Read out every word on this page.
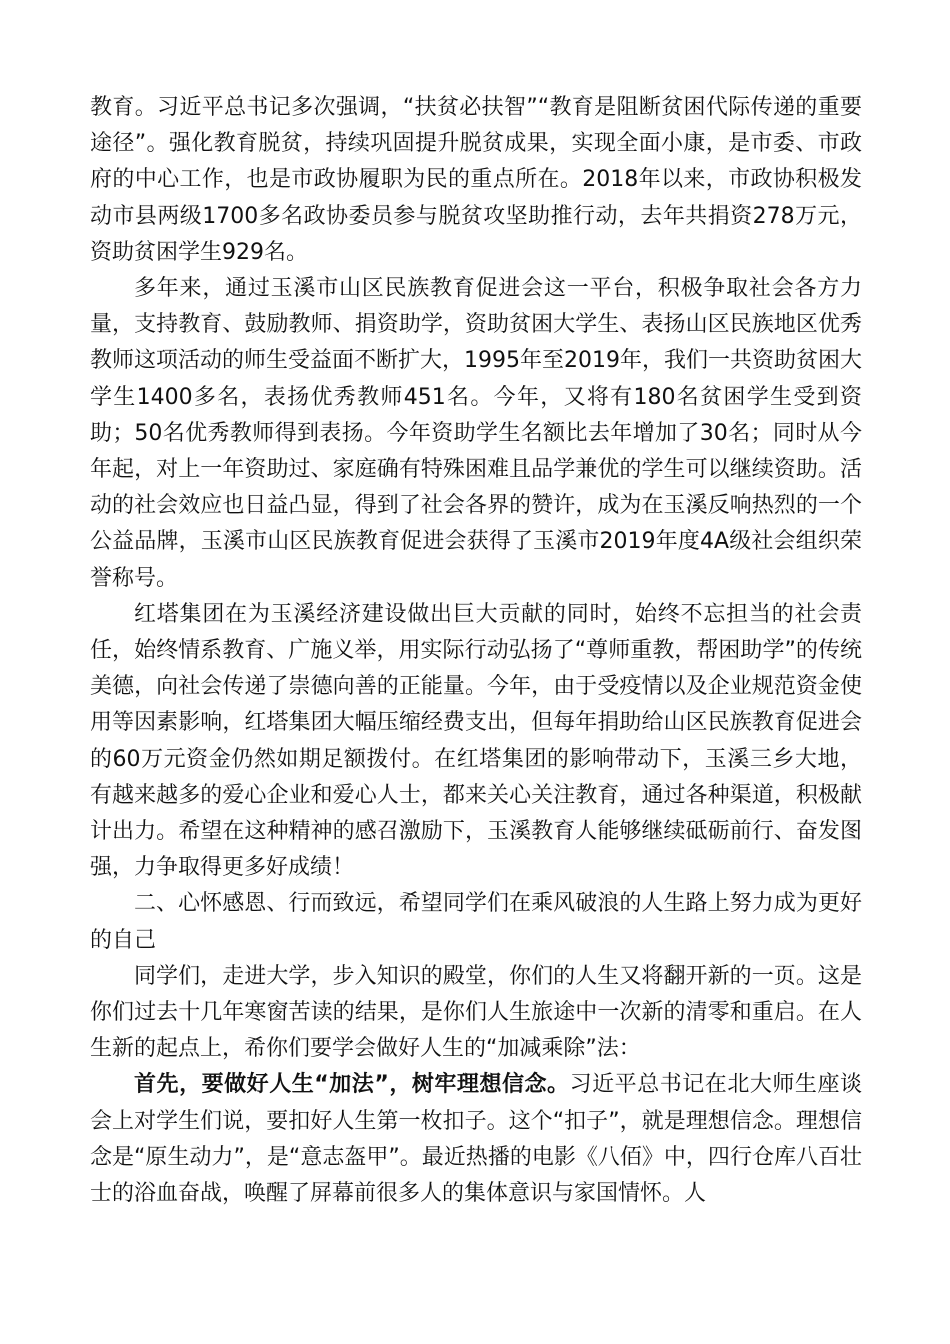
教育。习近平总书记多次强调，“扶贫必扶智”“教育是阻断贫困代际传递的重要途径”。强化教育脱贫，持续巩固提升脱贫成果，实现全面小康，是市委、市政府的中心工作，也是市政协履职为民的重点所在。2018年以来，市政协积极发动市县两级1700多名政协委员参与脱贫攻坚助推行动，去年共捐资278万元，资助贫困学生929名。

多年来，通过玉溪市山区民族教育促进会这一平台，积极争取社会各方力量，支持教育、鼓励教师、捐资助学，资助贫困大学生、表扬山区民族地区优秀教师这项活动的师生受益面不断扩大，1995年至2019年，我们一共资助贫困大学生1400多名，表扬优秀教师451名。今年，又将有180名贫困学生受到资助；50名优秀教师得到表扬。今年资助学生名额比去年增加了30名；同时从今年起，对上一年资助过、家庭确有特殊困难且品学兼优的学生可以继续资助。活动的社会效应也日益凸显，得到了社会各界的赞许，成为在玉溪反响热烈的一个公益品牌，玉溪市山区民族教育促进会获得了玉溪市2019年度4A级社会组织荣誉称号。

红塔集团在为玉溪经济建设做出巨大贡献的同时，始终不忘担当的社会责任，始终情系教育、广施义举，用实际行动弘扬了“尊师重教，帮困助学”的传统美德，向社会传递了崇德向善的正能量。今年，由于受疫情以及企业规范资金使用等因素影响，红塔集团大幅压缩经费支出，但每年捐助给山区民族教育促进会的60万元资金仍然如期足额拨付。在红塔集团的影响带动下，玉溪三乡大地，有越来越多的爱心企业和爱心人士，都来关心关注教育，通过各种渠道，积极献计出力。希望在这种精神的感召激励下，玉溪教育人能够继续砥砺前行、奋发图强，力争取得更多好成绩！

二、心怀感恩、行而致远，希望同学们在乘风破浪的人生路上努力成为更好的自己

同学们，走进大学，步入知识的殿堂，你们的人生又将翻开新的一页。这是你们过去十几年寒窗苦读的结果，是你们人生旅途中一次新的清零和重启。在人生新的起点上，希你们要学会做好人生的“加减乘除”法：

首先，要做好人生“加法”，树牢理想信念。习近平总书记在北大师生座谈会上对学生们说，要扣好人生第一枚扣子。这个“扣子”，就是理想信念。理想信念是“原生动力”，是“意志盔甲”。最近热播的电影《八佰》中，四行仓库八百壮士的浴血奋战，唤醒了屏幕前很多人的集体意识与家国情怀。人
